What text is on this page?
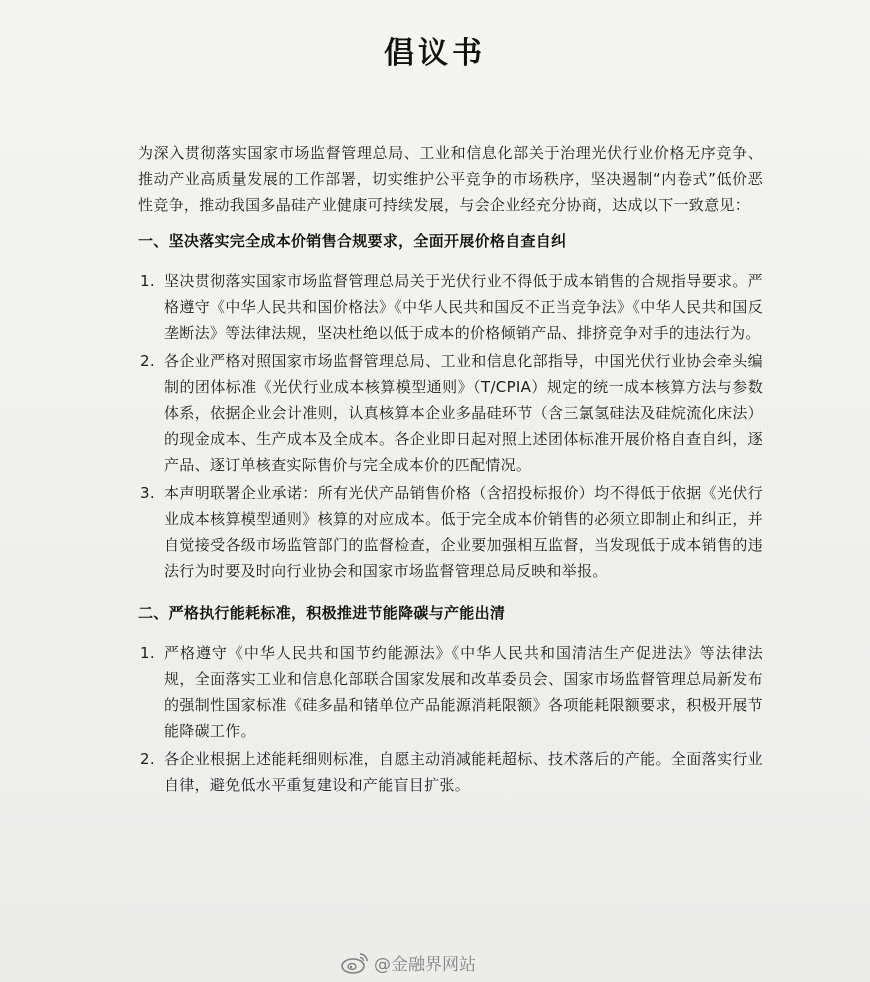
倡议书

为深入贯彻落实国家市场监督管理总局、工业和信息化部关于治理光伏行业价格无序竞争、推动产业高质量发展的工作部署，切实维护公平竞争的市场秩序，坚决遏制“内卷式”低价恶性竞争，推动我国多晶硅产业健康可持续发展，与会企业经充分协商，达成以下一致意见：

一、坚决落实完全成本价销售合规要求，全面开展价格自查自纠
1. 坚决贯彻落实国家市场监督管理总局关于光伏行业不得低于成本销售的合规指导要求。严格遵守《中华人民共和国价格法》《中华人民共和国反不正当竞争法》《中华人民共和国反垄断法》等法律法规，坚决杜绝以低于成本的价格倾销产品、排挤竞争对手的违法行为。
2. 各企业严格对照国家市场监督管理总局、工业和信息化部指导，中国光伏行业协会牵头编制的团体标准《光伏行业成本核算模型通则》（T/CPIA）规定的统一成本核算方法与参数体系，依据企业会计准则，认真核算本企业多晶硅环节（含三氯氢硅法及硅烷流化床法）的现金成本、生产成本及全成本。各企业即日起对照上述团体标准开展价格自查自纠，逐产品、逐订单核查实际售价与完全成本价的匹配情况。
3. 本声明联署企业承诺：所有光伏产品销售价格（含招投标报价）均不得低于依据《光伏行业成本核算模型通则》核算的对应成本。低于完全成本价销售的必须立即制止和纠正，并自觉接受各级市场监管部门的监督检查，企业要加强相互监督，当发现低于成本销售的违法行为时要及时向行业协会和国家市场监督管理总局反映和举报。
二、严格执行能耗标准，积极推进节能降碳与产能出清
1. 严格遵守《中华人民共和国节约能源法》《中华人民共和国清洁生产促进法》等法律法规，全面落实工业和信息化部联合国家发展和改革委员会、国家市场监督管理总局新发布的强制性国家标准《硅多晶和锗单位产品能源消耗限额》各项能耗限额要求，积极开展节能降碳工作。
2. 各企业根据上述能耗细则标准，自愿主动消减能耗超标、技术落后的产能。全面落实行业自律，避免低水平重复建设和产能盲目扩张。
@金融界网站
